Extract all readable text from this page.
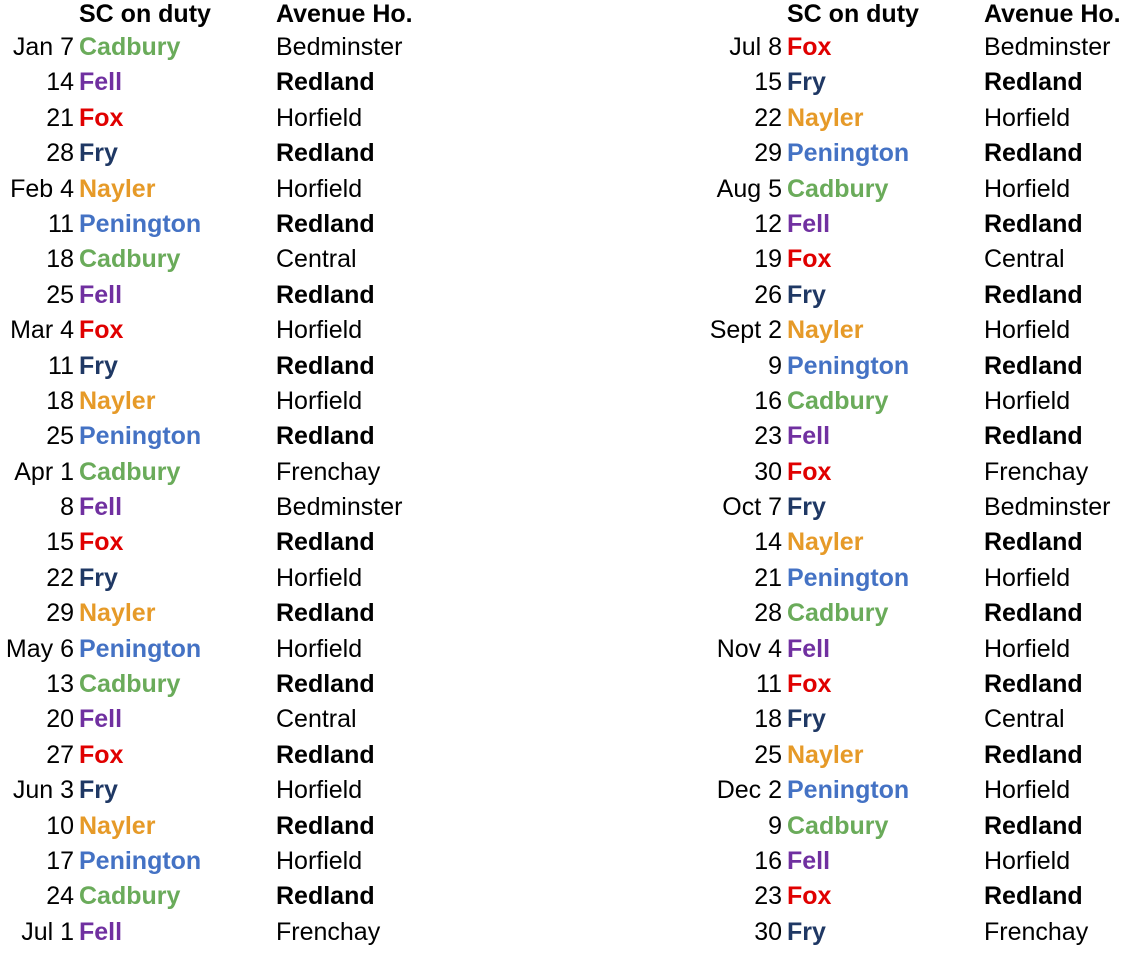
SC on duty	Avenue Ho.
Jan 7 Cadbury	Bedminster
14 Fell	Redland
21 Fox	Horfield
28 Fry	Redland
Feb 4 Nayler	Horfield
11 Penington	Redland
18 Cadbury	Central
25 Fell	Redland
Mar 4 Fox	Horfield
11 Fry	Redland
18 Nayler	Horfield
25 Penington	Redland
Apr 1 Cadbury	Frenchay
8 Fell	Bedminster
15 Fox	Redland
22 Fry	Horfield
29 Nayler	Redland
May 6 Penington	Horfield
13 Cadbury	Redland
20 Fell	Central
27 Fox	Redland
Jun 3 Fry	Horfield
10 Nayler	Redland
17 Penington	Horfield
24 Cadbury	Redland
Jul 1 Fell	Frenchay
SC on duty	Avenue Ho.
Jul 8 Fox	Bedminster
15 Fry	Redland
22 Nayler	Horfield
29 Penington	Redland
Aug 5 Cadbury	Horfield
12 Fell	Redland
19 Fox	Central
26 Fry	Redland
Sept 2 Nayler	Horfield
9 Penington	Redland
16 Cadbury	Horfield
23 Fell	Redland
30 Fox	Frenchay
Oct 7 Fry	Bedminster
14 Nayler	Redland
21 Penington	Horfield
28 Cadbury	Redland
Nov 4 Fell	Horfield
11 Fox	Redland
18 Fry	Central
25 Nayler	Redland
Dec 2 Penington	Horfield
9 Cadbury	Redland
16 Fell	Horfield
23 Fox	Redland
30 Fry	Frenchay
